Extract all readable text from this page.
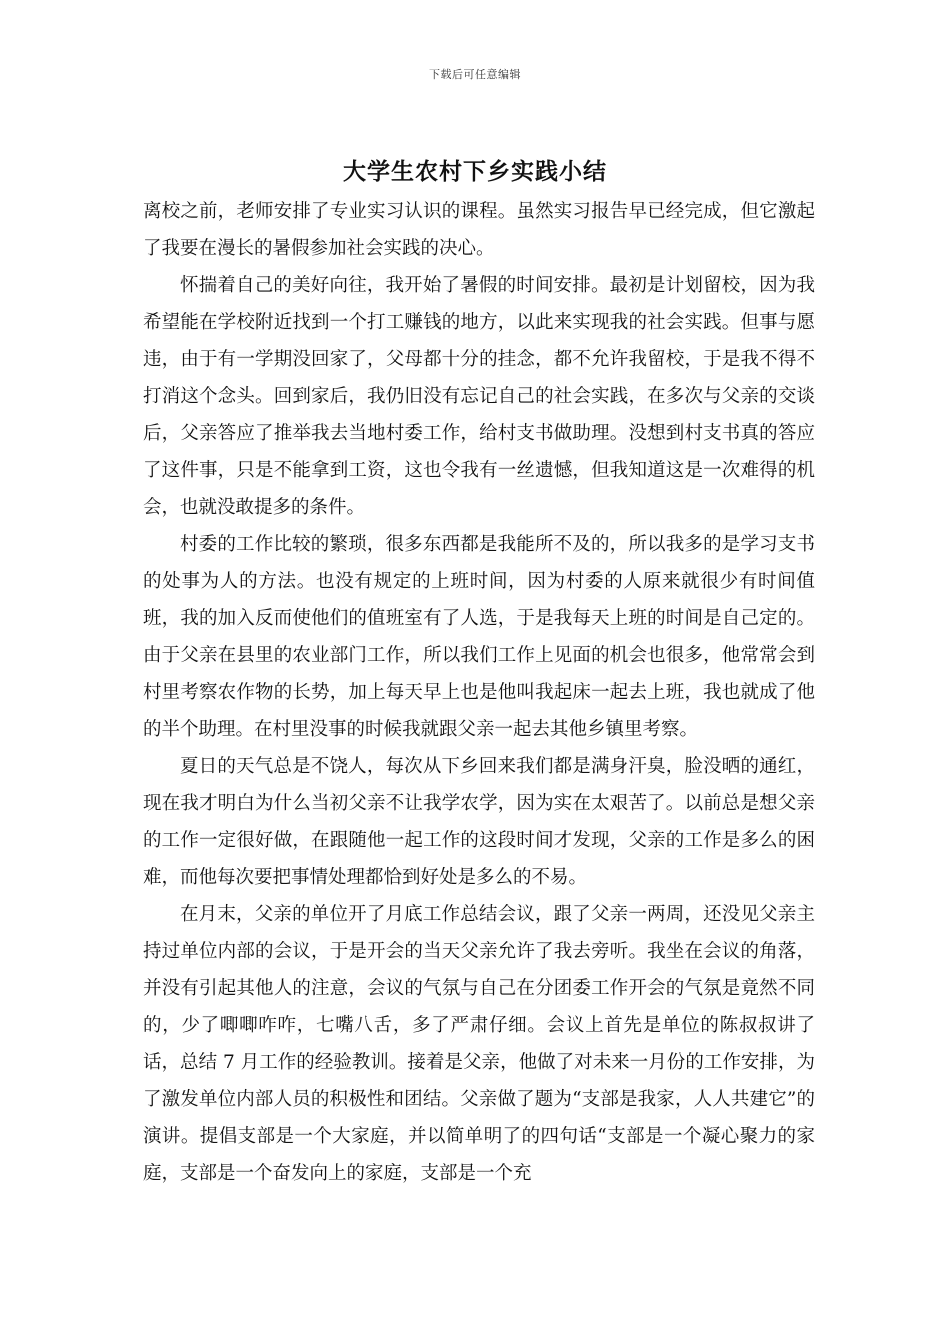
下载后可任意编辑
大学生农村下乡实践小结

离校之前，老师安排了专业实习认识的课程。虽然实习报告早已经完成，但它激起了我要在漫长的暑假参加社会实践的决心。

怀揣着自己的美好向往，我开始了暑假的时间安排。最初是计划留校，因为我希望能在学校附近找到一个打工赚钱的地方，以此来实现我的社会实践。但事与愿违，由于有一学期没回家了，父母都十分的挂念，都不允许我留校，于是我不得不打消这个念头。回到家后，我仍旧没有忘记自己的社会实践，在多次与父亲的交谈后，父亲答应了推举我去当地村委工作，给村支书做助理。没想到村支书真的答应了这件事，只是不能拿到工资，这也令我有一丝遗憾，但我知道这是一次难得的机会，也就没敢提多的条件。

村委的工作比较的繁琐，很多东西都是我能所不及的，所以我多的是学习支书的处事为人的方法。也没有规定的上班时间，因为村委的人原来就很少有时间值班，我的加入反而使他们的值班室有了人选，于是我每天上班的时间是自己定的。由于父亲在县里的农业部门工作，所以我们工作上见面的机会也很多，他常常会到村里考察农作物的长势，加上每天早上也是他叫我起床一起去上班，我也就成了他的半个助理。在村里没事的时候我就跟父亲一起去其他乡镇里考察。

夏日的天气总是不饶人，每次从下乡回来我们都是满身汗臭，脸没晒的通红，现在我才明白为什么当初父亲不让我学农学，因为实在太艰苦了。以前总是想父亲的工作一定很好做，在跟随他一起工作的这段时间才发现，父亲的工作是多么的困难，而他每次要把事情处理都恰到好处是多么的不易。

在月末，父亲的单位开了月底工作总结会议，跟了父亲一两周，还没见父亲主持过单位内部的会议，于是开会的当天父亲允许了我去旁听。我坐在会议的角落，并没有引起其他人的注意，会议的气氛与自己在分团委工作开会的气氛是竟然不同的，少了唧唧咋咋，七嘴八舌，多了严肃仔细。会议上首先是单位的陈叔叔讲了话，总结 7 月工作的经验教训。接着是父亲，他做了对未来一月份的工作安排，为了激发单位内部人员的积极性和团结。父亲做了题为“支部是我家，人人共建它”的演讲。提倡支部是一个大家庭，并以简单明了的四句话“支部是一个凝心聚力的家庭，支部是一个奋发向上的家庭，支部是一个充
